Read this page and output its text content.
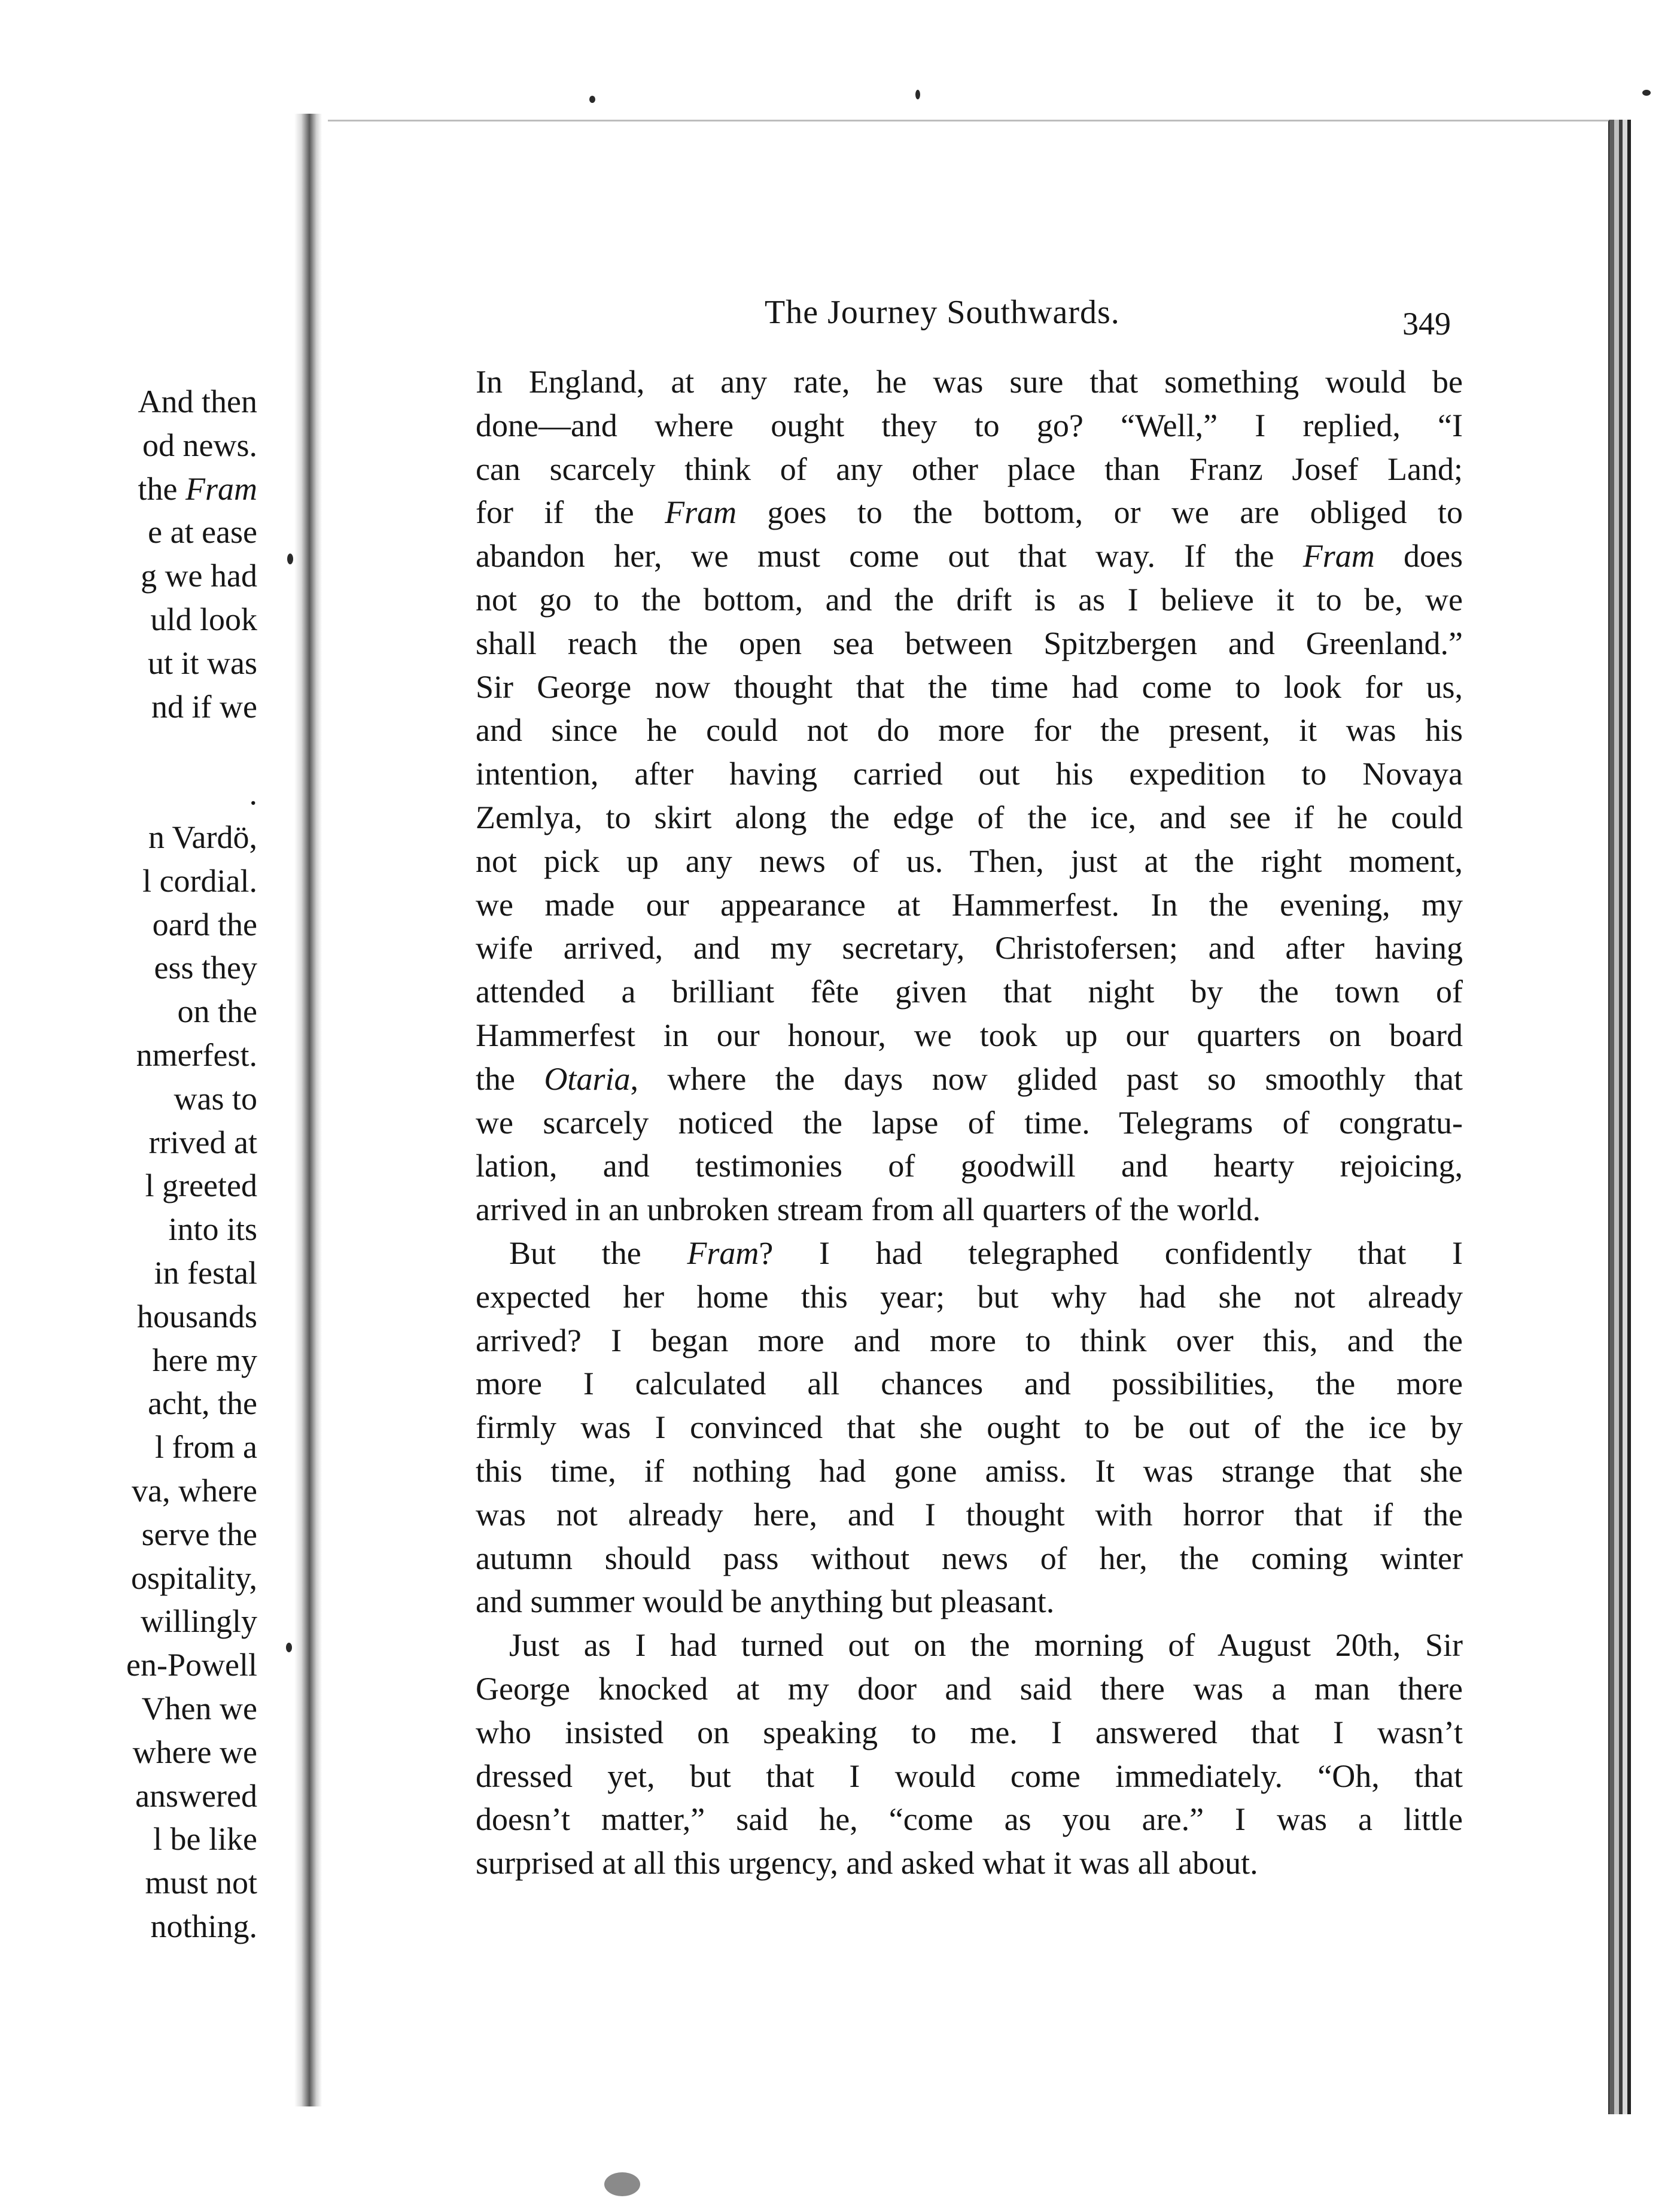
And then
od news.
the Fram
e at ease
g we had
uld look
ut it was
nd if we

.
n Vardö,
l cordial.
oard the
ess they
on the
nmerfest.
was to
rrived at
l greeted
into its
in festal
housands
here my
acht, the
l from a
va, where
serve the
ospitality,
willingly
en-Powell
Vhen we
where we
answered
l be like
must not
nothing.
The Journey Southwards.	349
In England, at any rate, he was sure that something would be
done—and where ought they to go? “Well,” I replied, “I
can scarcely think of any other place than Franz Josef Land;
for if the Fram goes to the bottom, or we are obliged to
abandon her, we must come out that way. If the Fram does
not go to the bottom, and the drift is as I believe it to be, we
shall reach the open sea between Spitzbergen and Greenland.”
Sir George now thought that the time had come to look for us,
and since he could not do more for the present, it was his
intention, after having carried out his expedition to Novaya
Zemlya, to skirt along the edge of the ice, and see if he could
not pick up any news of us. Then, just at the right moment,
we made our appearance at Hammerfest. In the evening, my
wife arrived, and my secretary, Christofersen; and after having
attended a brilliant fête given that night by the town of
Hammerfest in our honour, we took up our quarters on board
the Otaria, where the days now glided past so smoothly that
we scarcely noticed the lapse of time. Telegrams of congratu-
lation, and testimonies of goodwill and hearty rejoicing,
arrived in an unbroken stream from all quarters of the world.
But the Fram? I had telegraphed confidently that I
expected her home this year; but why had she not already
arrived? I began more and more to think over this, and the
more I calculated all chances and possibilities, the more
firmly was I convinced that she ought to be out of the ice by
this time, if nothing had gone amiss. It was strange that she
was not already here, and I thought with horror that if the
autumn should pass without news of her, the coming winter
and summer would be anything but pleasant.
Just as I had turned out on the morning of August 20th, Sir
George knocked at my door and said there was a man there
who insisted on speaking to me. I answered that I wasn’t
dressed yet, but that I would come immediately. “Oh, that
doesn’t matter,” said he, “come as you are.” I was a little
surprised at all this urgency, and asked what it was all about.
